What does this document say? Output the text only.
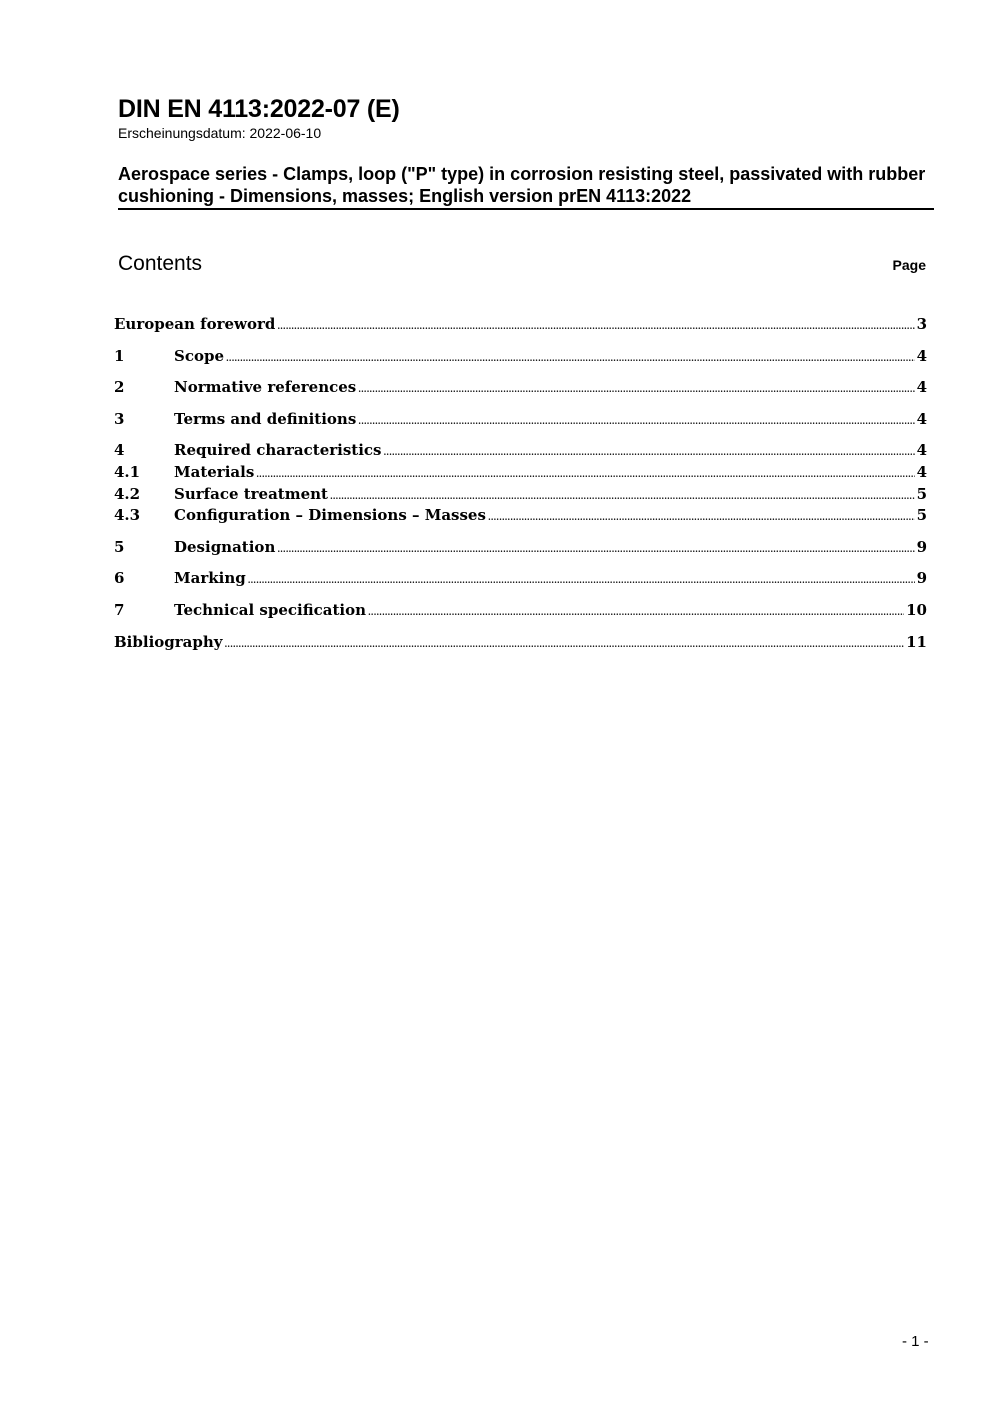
DIN EN 4113:2022-07 (E)
Erscheinungsdatum: 2022-06-10
Aerospace series - Clamps, loop ("P" type) in corrosion resisting steel, passivated with rubber cushioning - Dimensions, masses; English version prEN 4113:2022
Contents	Page
European foreword .....	3
1	Scope .....	4
2	Normative references .....	4
3	Terms and definitions .....	4
4	Required characteristics .....	4
4.1	Materials .....	4
4.2	Surface treatment .....	5
4.3	Configuration – Dimensions – Masses .....	5
5	Designation .....	9
6	Marking .....	9
7	Technical specification .....	10
Bibliography .....	11
- 1 -
